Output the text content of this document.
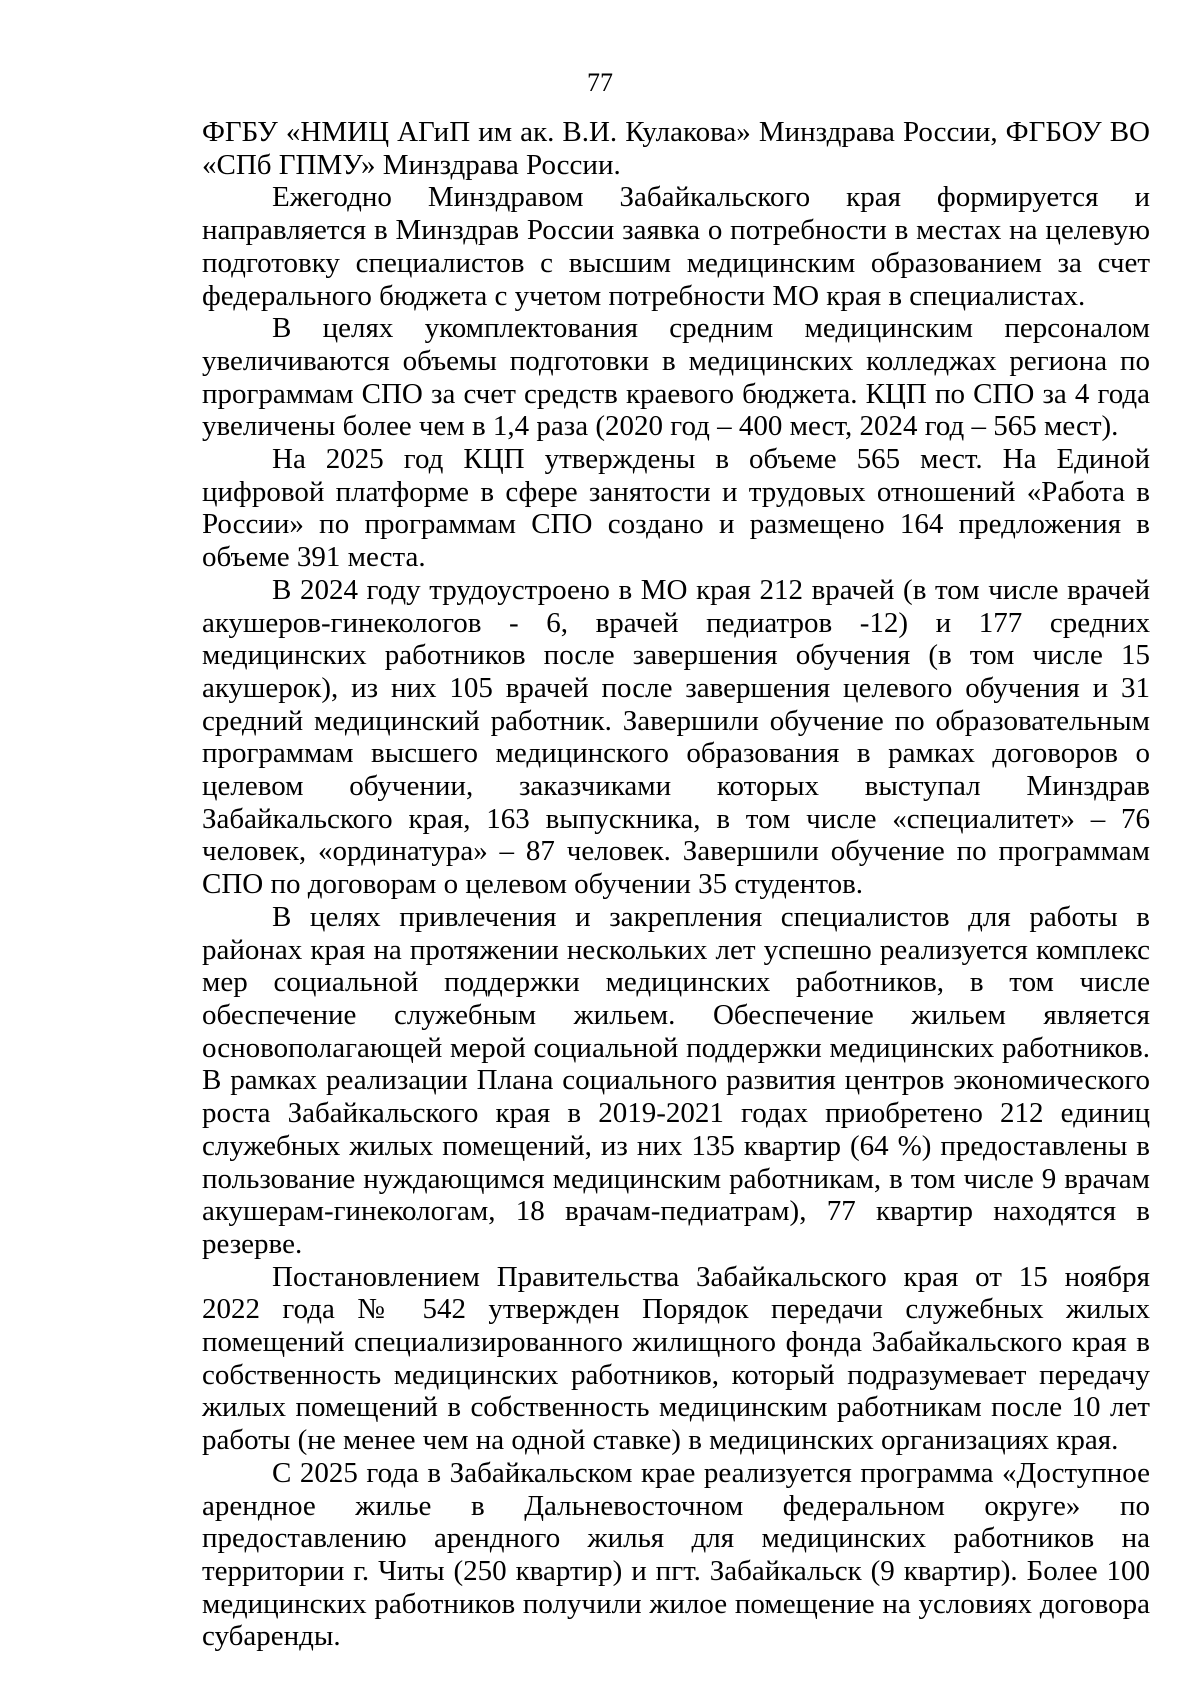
77

ФГБУ «НМИЦ АГиП им ак. В.И. Кулакова» Минздрава России, ФГБОУ ВО «СПб ГПМУ» Минздрава России.

Ежегодно Минздравом Забайкальского края формируется и направляется в Минздрав России заявка о потребности в местах на целевую подготовку специалистов с высшим медицинским образованием за счет федерального бюджета с учетом потребности МО края в специалистах.

В целях укомплектования средним медицинским персоналом увеличиваются объемы подготовки в медицинских колледжах региона по программам СПО за счет средств краевого бюджета. КЦП по СПО за 4 года увеличены более чем в 1,4 раза (2020 год – 400 мест, 2024 год – 565 мест).

На 2025 год КЦП утверждены в объеме 565 мест. На Единой цифровой платформе в сфере занятости и трудовых отношений «Работа в России» по программам СПО создано и размещено 164 предложения в объеме 391 места.

В 2024 году трудоустроено в МО края 212 врачей (в том числе врачей акушеров-гинекологов - 6, врачей педиатров -12) и 177 средних медицинских работников после завершения обучения (в том числе 15 акушерок), из них 105 врачей после завершения целевого обучения и 31 средний медицинский работник. Завершили обучение по образовательным программам высшего медицинского образования в рамках договоров о целевом обучении, заказчиками которых выступал Минздрав Забайкальского края, 163 выпускника, в том числе «специалитет» – 76 человек, «ординатура» – 87 человек. Завершили обучение по программам СПО по договорам о целевом обучении 35 студентов.

В целях привлечения и закрепления специалистов для работы в районах края на протяжении нескольких лет успешно реализуется комплекс мер социальной поддержки медицинских работников, в том числе обеспечение служебным жильем. Обеспечение жильем является основополагающей мерой социальной поддержки медицинских работников. В рамках реализации Плана социального развития центров экономического роста Забайкальского края в 2019-2021 годах приобретено 212 единиц служебных жилых помещений, из них 135 квартир (64 %) предоставлены в пользование нуждающимся медицинским работникам, в том числе 9 врачам акушерам-гинекологам, 18 врачам-педиатрам), 77 квартир находятся в резерве.

Постановлением Правительства Забайкальского края от 15 ноября 2022 года № 542 утвержден Порядок передачи служебных жилых помещений специализированного жилищного фонда Забайкальского края в собственность медицинских работников, который подразумевает передачу жилых помещений в собственность медицинским работникам после 10 лет работы (не менее чем на одной ставке) в медицинских организациях края.

С 2025 года в Забайкальском крае реализуется программа «Доступное арендное жилье в Дальневосточном федеральном округе» по предоставлению арендного жилья для медицинских работников на территории г. Читы (250 квартир) и пгт. Забайкальск (9 квартир). Более 100 медицинских работников получили жилое помещение на условиях договора субаренды.
